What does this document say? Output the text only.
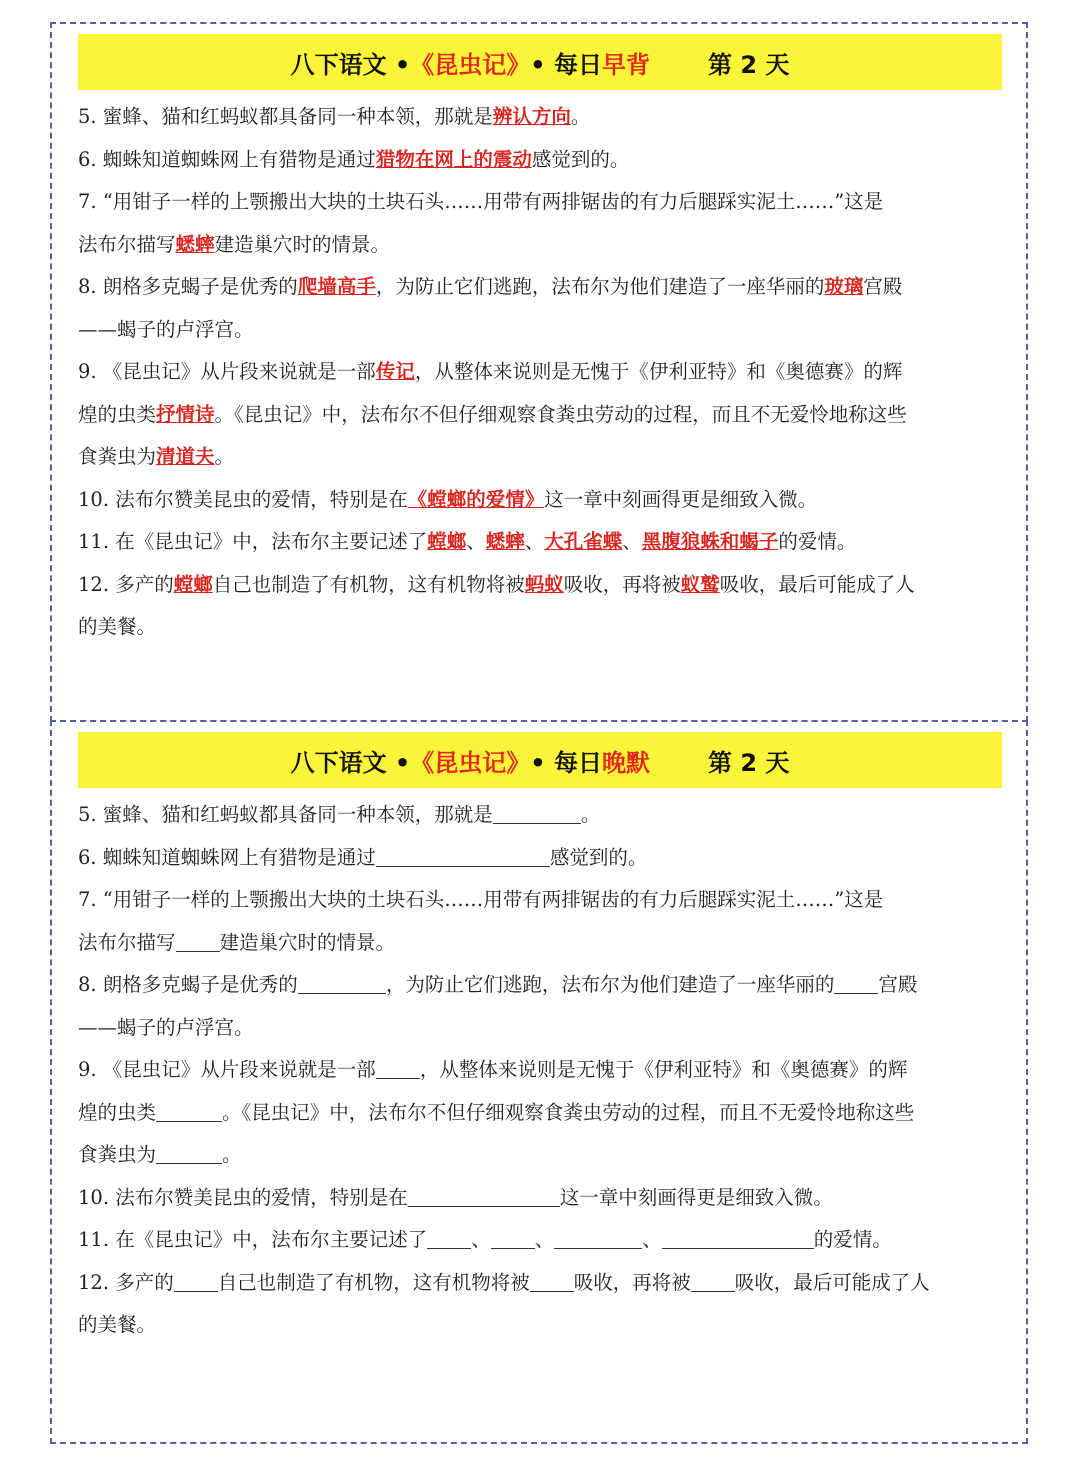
八下语文 • 《昆虫记》 • 每日 早背 第 2 天
5. 蜜蜂、猫和红蚂蚁都具备同一种本领，那就是辨认方向。
6. 蜘蛛知道蜘蛛网上有猎物是通过猎物在网上的震动感觉到的。
7. “用钳子一样的上颚搬出大块的土块石头……用带有两排锯齿的有力后腿踩实泥土……”这是
法布尔描写蟋蟀建造巢穴时的情景。
8. 朗格多克蝎子是优秀的爬墙高手，为防止它们逃跑，法布尔为他们建造了一座华丽的玻璃宫殿
——蝎子的卢浮宫。
9. 《昆虫记》从片段来说就是一部传记，从整体来说则是无愧于《伊利亚特》和《奥德赛》的辉
煌的虫类抒情诗。《昆虫记》中，法布尔不但仔细观察食粪虫劳动的过程，而且不无爱怜地称这些
食粪虫为清道夫。
10. 法布尔赞美昆虫的爱情，特别是在《螳螂的爱情》这一章中刻画得更是细致入微。
11. 在《昆虫记》中，法布尔主要记述了螳螂、蟋蟀、大孔雀蝶、黑腹狼蛛和蝎子的爱情。
12. 多产的螳螂自己也制造了有机物，这有机物将被蚂蚁吸收，再将被蚁鹫吸收，最后可能成了人
的美餐。
八下语文 • 《昆虫记》 • 每日 晚默 第 2 天
5. 蜜蜂、猫和红蚂蚁都具备同一种本领，那就是	。
6. 蜘蛛知道蜘蛛网上有猎物是通过	感觉到的。
7. “用钳子一样的上颚搬出大块的土块石头……用带有两排锯齿的有力后腿踩实泥土……”这是
法布尔描写 建造巢穴时的情景。
8. 朗格多克蝎子是优秀的	，为防止它们逃跑，法布尔为他们建造了一座华丽的 宫殿
——蝎子的卢浮宫。
9. 《昆虫记》从片段来说就是一部 ，从整体来说则是无愧于《伊利亚特》和《奥德赛》的辉
煌的虫类	。《昆虫记》中，法布尔不但仔细观察食粪虫劳动的过程，而且不无爱怜地称这些
食粪虫为	。
10. 法布尔赞美昆虫的爱情，特别是在	这一章中刻画得更是细致入微。
11. 在《昆虫记》中，法布尔主要记述了 、 、	、	的爱情。
12. 多产的 自己也制造了有机物，这有机物将被 吸收，再将被 吸收，最后可能成了人
的美餐。
